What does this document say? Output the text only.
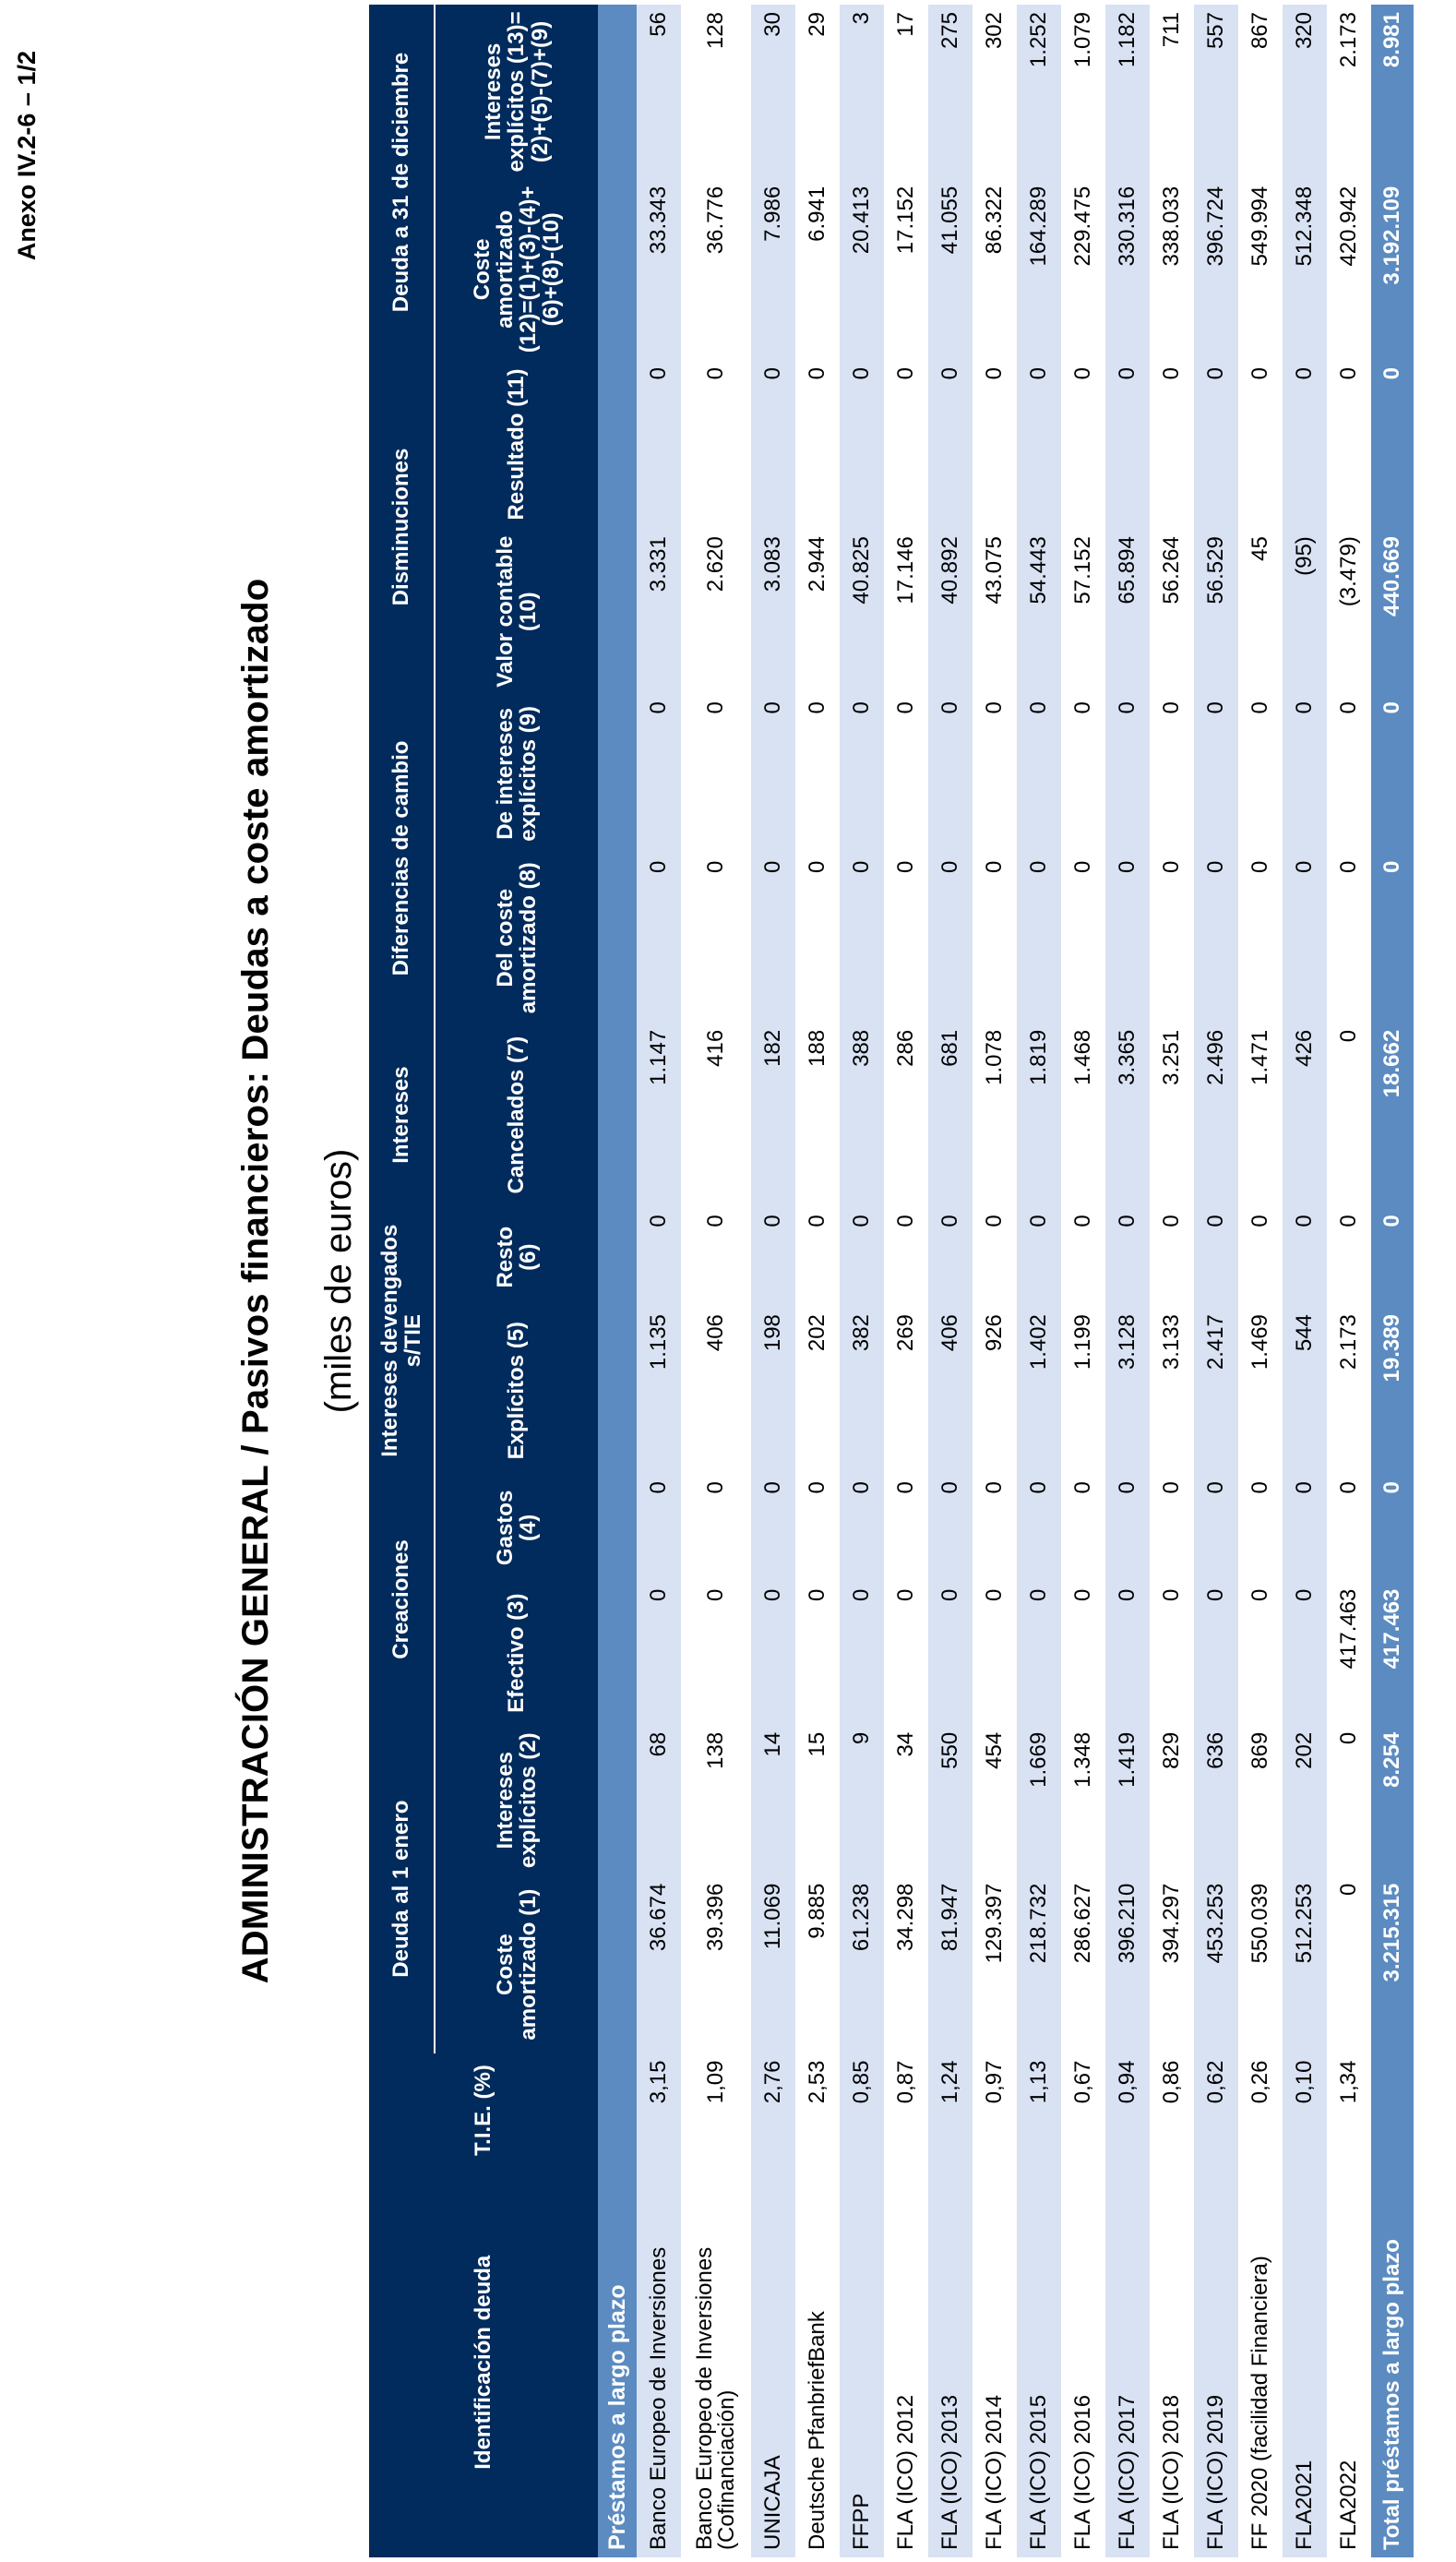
Anexo IV.2-6 – 1/2
ADMINISTRACIÓN GENERAL / Pasivos financieros: Deudas a coste amortizado (miles de euros)
Identificación deuda	T.I.E. (%)	Deuda al 1 enero		Creaciones		Intereses devengados s/TIE		Intereses	Diferencias de cambio		Disminuciones		Deuda a 31 de diciembre	
		Coste amortizado (1)	Intereses explícitos (2)	Efectivo (3)	Gastos (4)	Explícitos (5)	Resto (6)	Cancelados (7)	Del coste amortizado (8)	De intereses explícitos (9)	Valor contable (10)	Resultado (11)	Coste amortizado (12)=(1)+(3)-(4)+(6)+(8)-(10)	Intereses explícitos (13)=(2)+(5)-(7)+(9)
Préstamos a largo plazo														
Banco Europeo de Inversiones	3,15	36.674	68	0	0	1.135	0	1.147	0	0	3.331	0	33.343	56
Banco Europeo de Inversiones (Cofinanciación)	1,09	39.396	138	0	0	406	0	416	0	0	2.620	0	36.776	128
UNICAJA	2,76	11.069	14	0	0	198	0	182	0	0	3.083	0	7.986	30
Deutsche PfanbriefBank	2,53	9.885	15	0	0	202	0	188	0	0	2.944	0	6.941	29
FFPP	0,85	61.238	9	0	0	382	0	388	0	0	40.825	0	20.413	3
FLA (ICO) 2012	0,87	34.298	34	0	0	269	0	286	0	0	17.146	0	17.152	17
FLA (ICO) 2013	1,24	81.947	550	0	0	406	0	681	0	0	40.892	0	41.055	275
FLA (ICO) 2014	0,97	129.397	454	0	0	926	0	1.078	0	0	43.075	0	86.322	302
FLA (ICO) 2015	1,13	218.732	1.669	0	0	1.402	0	1.819	0	0	54.443	0	164.289	1.252
FLA (ICO) 2016	0,67	286.627	1.348	0	0	1.199	0	1.468	0	0	57.152	0	229.475	1.079
FLA (ICO) 2017	0,94	396.210	1.419	0	0	3.128	0	3.365	0	0	65.894	0	330.316	1.182
FLA (ICO) 2018	0,86	394.297	829	0	0	3.133	0	3.251	0	0	56.264	0	338.033	711
FLA (ICO) 2019	0,62	453.253	636	0	0	2.417	0	2.496	0	0	56.529	0	396.724	557
FF 2020 (facilidad Financiera)	0,26	550.039	869	0	0	1.469	0	1.471	0	0	45	0	549.994	867
FLA2021	0,10	512.253	202	0	0	544	0	426	0	0	(95)	0	512.348	320
FLA2022	1,34	0	0	417.463	0	2.173	0	0	0	0	(3.479)	0	420.942	2.173
Total préstamos a largo plazo		3.215.315	8.254	417.463	0	19.389	0	18.662	0	0	440.669	0	3.192.109	8.981
